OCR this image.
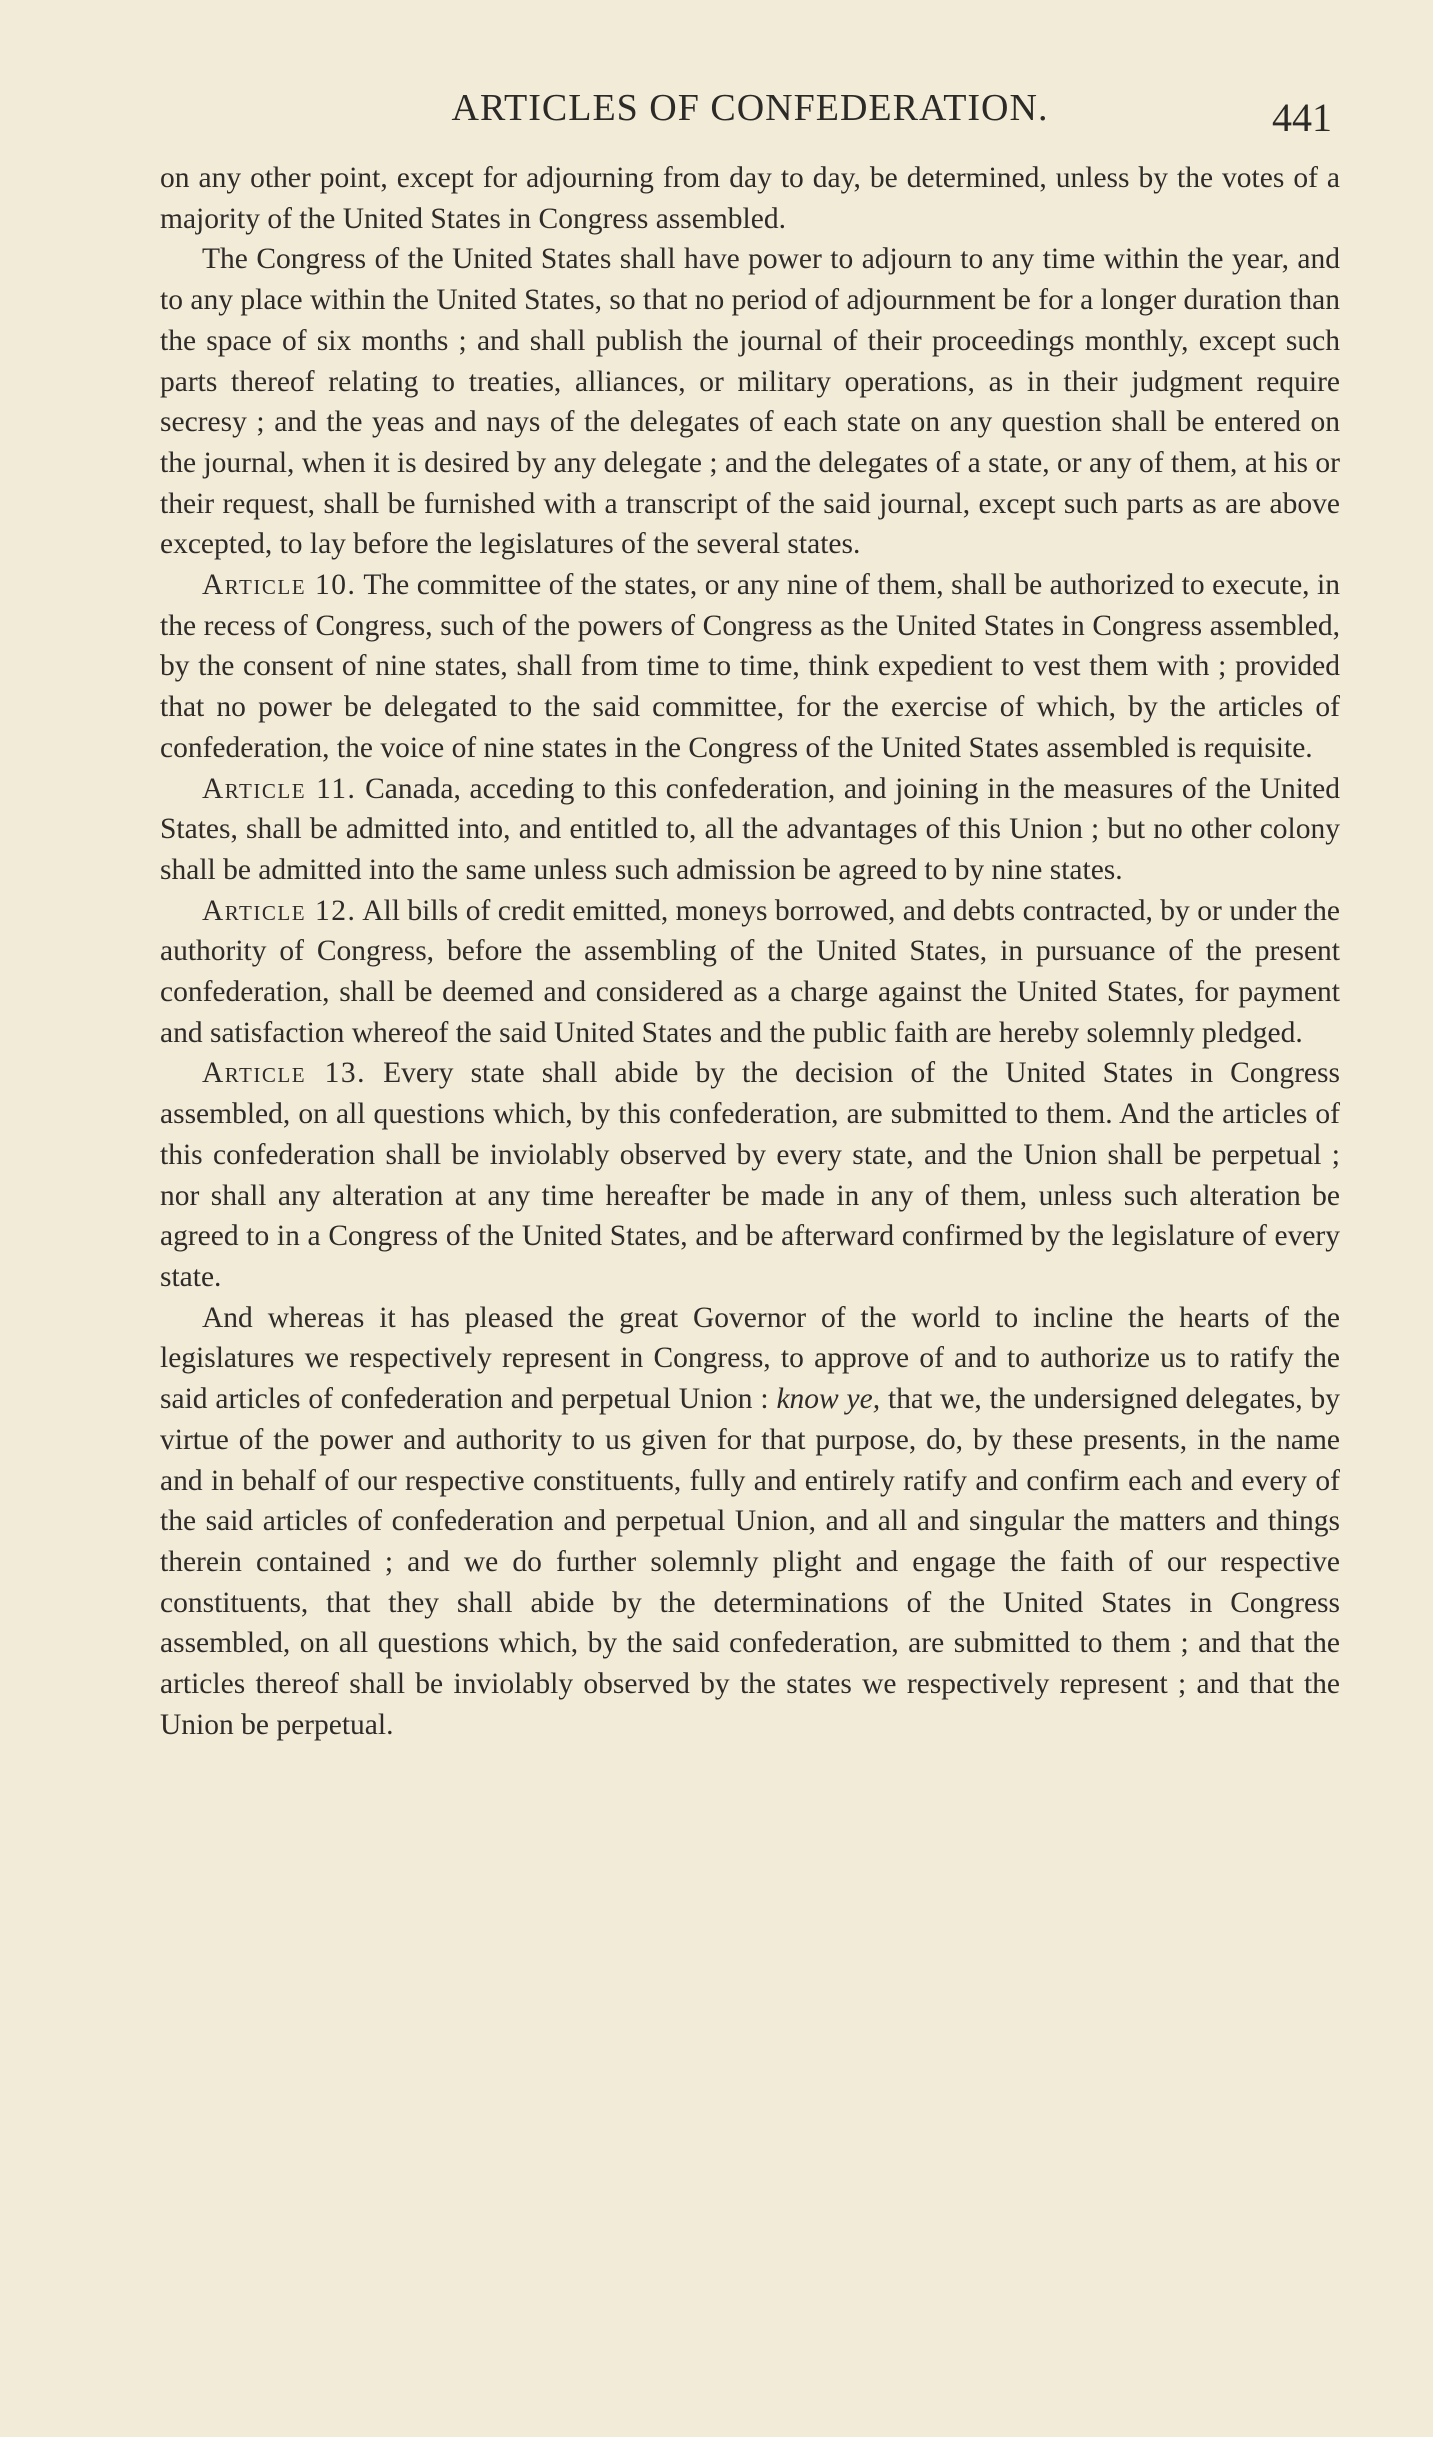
ARTICLES OF CONFEDERATION.	441

on any other point, except for adjourning from day to day, be determined, unless by the votes of a majority of the United States in Congress assembled.

The Congress of the United States shall have power to adjourn to any time within the year, and to any place within the United States, so that no period of adjournment be for a longer duration than the space of six months ; and shall publish the journal of their proceedings monthly, except such parts thereof relating to treaties, alliances, or military operations, as in their judgment require secresy ; and the yeas and nays of the delegates of each state on any question shall be entered on the journal, when it is desired by any delegate ; and the delegates of a state, or any of them, at his or their request, shall be furnished with a transcript of the said journal, except such parts as are above excepted, to lay before the legislatures of the several states.

Article 10. The committee of the states, or any nine of them, shall be authorized to execute, in the recess of Congress, such of the powers of Congress as the United States in Congress assembled, by the consent of nine states, shall from time to time, think expedient to vest them with ; provided that no power be delegated to the said committee, for the exercise of which, by the articles of confederation, the voice of nine states in the Congress of the United States assembled is requisite.

Article 11. Canada, acceding to this confederation, and joining in the measures of the United States, shall be admitted into, and entitled to, all the advantages of this Union ; but no other colony shall be admitted into the same unless such admission be agreed to by nine states.

Article 12. All bills of credit emitted, moneys borrowed, and debts contracted, by or under the authority of Congress, before the assembling of the United States, in pursuance of the present confederation, shall be deemed and considered as a charge against the United States, for payment and satisfaction whereof the said United States and the public faith are hereby solemnly pledged.

Article 13. Every state shall abide by the decision of the United States in Congress assembled, on all questions which, by this confederation, are submitted to them. And the articles of this confederation shall be inviolably observed by every state, and the Union shall be perpetual ; nor shall any alteration at any time hereafter be made in any of them, unless such alteration be agreed to in a Congress of the United States, and be afterward confirmed by the legislature of every state.

And whereas it has pleased the great Governor of the world to incline the hearts of the legislatures we respectively represent in Congress, to approve of and to authorize us to ratify the said articles of confederation and perpetual Union : know ye, that we, the undersigned delegates, by virtue of the power and authority to us given for that purpose, do, by these presents, in the name and in behalf of our respective constituents, fully and entirely ratify and confirm each and every of the said articles of confederation and perpetual Union, and all and singular the matters and things therein contained ; and we do further solemnly plight and engage the faith of our respective constituents, that they shall abide by the determinations of the United States in Congress assembled, on all questions which, by the said confederation, are submitted to them ; and that the articles thereof shall be inviolably observed by the states we respectively represent ; and that the Union be perpetual.
